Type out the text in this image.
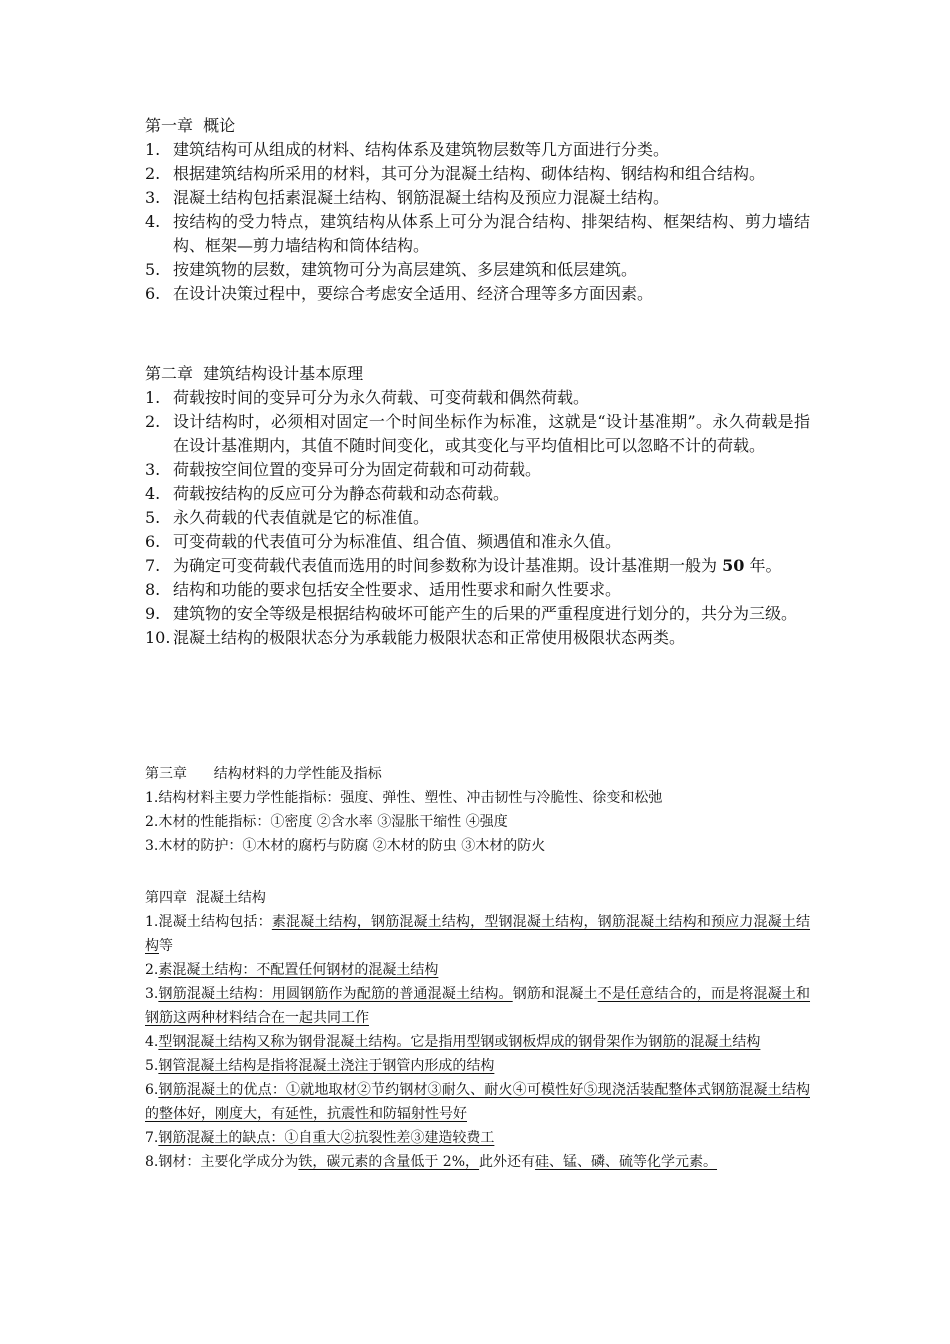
第一章  概论
1. 建筑结构可从组成的材料、结构体系及建筑物层数等几方面进行分类。
2. 根据建筑结构所采用的材料，其可分为混凝土结构、砌体结构、钢结构和组合结构。
3. 混凝土结构包括素混凝土结构、钢筋混凝土结构及预应力混凝土结构。
4. 按结构的受力特点，建筑结构从体系上可分为混合结构、排架结构、框架结构、剪力墙结构、框架—剪力墙结构和筒体结构。
5. 按建筑物的层数，建筑物可分为高层建筑、多层建筑和低层建筑。
6. 在设计决策过程中，要综合考虑安全适用、经济合理等多方面因素。
第二章  建筑结构设计基本原理
1. 荷载按时间的变异可分为永久荷载、可变荷载和偶然荷载。
2. 设计结构时，必须相对固定一个时间坐标作为标准，这就是“设计基准期”。永久荷载是指在设计基准期内，其值不随时间变化，或其变化与平均值相比可以忽略不计的荷载。
3. 荷载按空间位置的变异可分为固定荷载和可动荷载。
4. 荷载按结构的反应可分为静态荷载和动态荷载。
5. 永久荷载的代表值就是它的标准值。
6. 可变荷载的代表值可分为标准值、组合值、频遇值和准永久值。
7. 为确定可变荷载代表值而选用的时间参数称为设计基准期。设计基准期一般为 50 年。
8. 结构和功能的要求包括安全性要求、适用性要求和耐久性要求。
9. 建筑物的安全等级是根据结构破坏可能产生的后果的严重程度进行划分的，共分为三级。
10. 混凝土结构的极限状态分为承载能力极限状态和正常使用极限状态两类。
第三章      结构材料的力学性能及指标

1.结构材料主要力学性能指标：强度、弹性、塑性、冲击韧性与冷脆性、徐变和松弛

2.木材的性能指标：①密度 ②含水率 ③湿胀干缩性 ④强度

3.木材的防护：①木材的腐朽与防腐 ②木材的防虫 ③木材的防火

第四章  混凝土结构

1.混凝土结构包括：素混凝土结构，钢筋混凝土结构，型钢混凝土结构，钢筋混凝土结构和预应力混凝土结构等

2.素混凝土结构：不配置任何钢材的混凝土结构

3.钢筋混凝土结构：用圆钢筋作为配筋的普通混凝土结构。钢筋和混凝土不是任意结合的，而是将混凝土和钢筋这两种材料结合在一起共同工作

4.型钢混凝土结构又称为钢骨混凝土结构。它是指用型钢或钢板焊成的钢骨架作为钢筋的混凝土结构

5.钢管混凝土结构是指将混凝土浇注于钢管内形成的结构

6.钢筋混凝土的优点：①就地取材②节约钢材③耐久、耐火④可模性好⑤现浇活装配整体式钢筋混凝土结构的整体好，刚度大，有延性，抗震性和防辐射性号好

7.钢筋混凝土的缺点：①自重大②抗裂性差③建造较费工

8.钢材：主要化学成分为铁，碳元素的含量低于 2%，此外还有硅、锰、磷、硫等化学元素。
